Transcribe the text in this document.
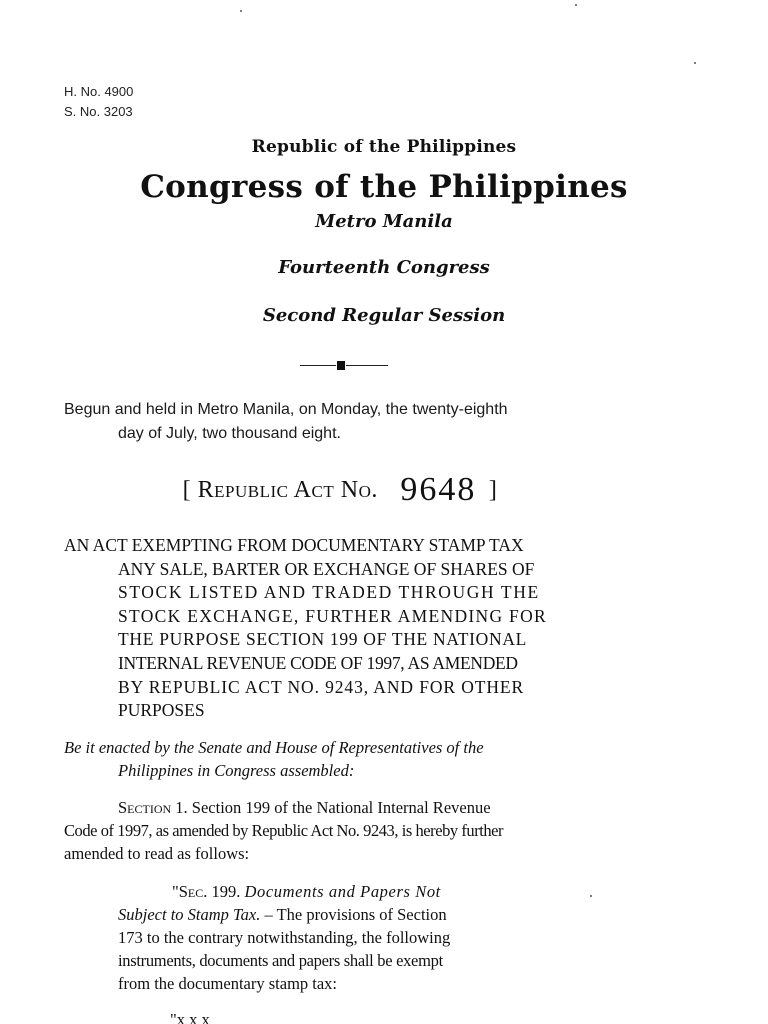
H. No. 4900
S. No. 3203
Republic of the Philippines
Congress of the Philippines
Metro Manila
Fourteenth Congress
Second Regular Session
Begun and held in Metro Manila, on Monday, the twenty-eighth
day of July, two thousand eight.
[ Republic Act No. 9648 ]
AN ACT EXEMPTING FROM DOCUMENTARY STAMP TAX
ANY SALE, BARTER OR EXCHANGE OF SHARES OF
STOCK LISTED AND TRADED THROUGH THE
STOCK EXCHANGE, FURTHER AMENDING FOR
THE PURPOSE SECTION 199 OF THE NATIONAL
INTERNAL REVENUE CODE OF 1997, AS AMENDED
BY REPUBLIC ACT NO. 9243, AND FOR OTHER
PURPOSES
Be it enacted by the Senate and House of Representatives of the
Philippines in Congress assembled:
Section 1. Section 199 of the National Internal Revenue
Code of 1997, as amended by Republic Act No. 9243, is hereby further
amended to read as follows:
"Sec. 199. Documents and Papers Not
Subject to Stamp Tax. – The provisions of Section
173 to the contrary notwithstanding, the following
instruments, documents and papers shall be exempt
from the documentary stamp tax:
"x x x
